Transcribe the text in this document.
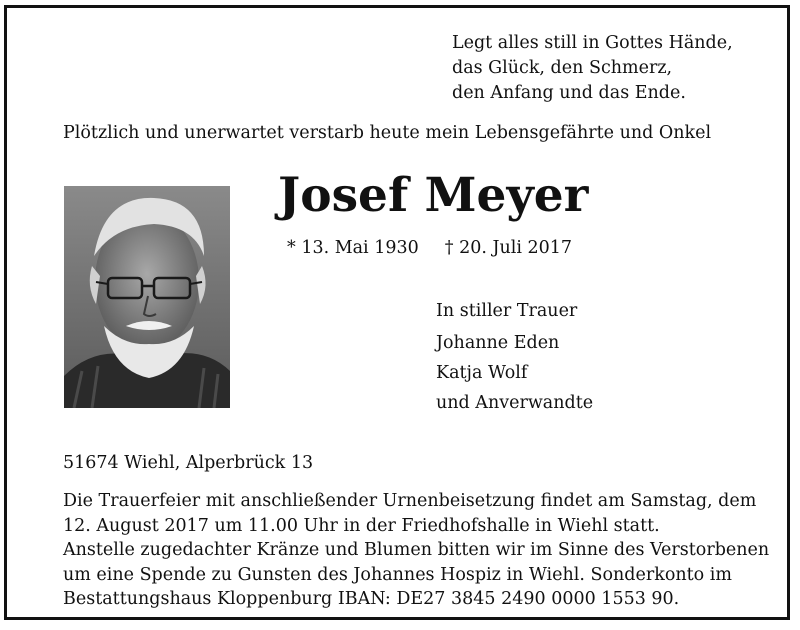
Legt alles still in Gottes Hände,
das Glück, den Schmerz,
den Anfang und das Ende.
Plötzlich und unerwartet verstarb heute mein Lebensgefährte und Onkel
Josef Meyer
* 13. Mai 1930 † 20. Juli 2017
In stiller Trauer
Johanne Eden
Katja Wolf
und Anverwandte
51674 Wiehl, Alperbrück 13
Die Trauerfeier mit anschließender Urnenbeisetzung findet am Samstag, dem
12. August 2017 um 11.00 Uhr in der Friedhofshalle in Wiehl statt.
Anstelle zugedachter Kränze und Blumen bitten wir im Sinne des Verstorbenen
um eine Spende zu Gunsten des Johannes Hospiz in Wiehl. Sonderkonto im
Bestattungshaus Kloppenburg IBAN: DE27 3845 2490 0000 1553 90.
